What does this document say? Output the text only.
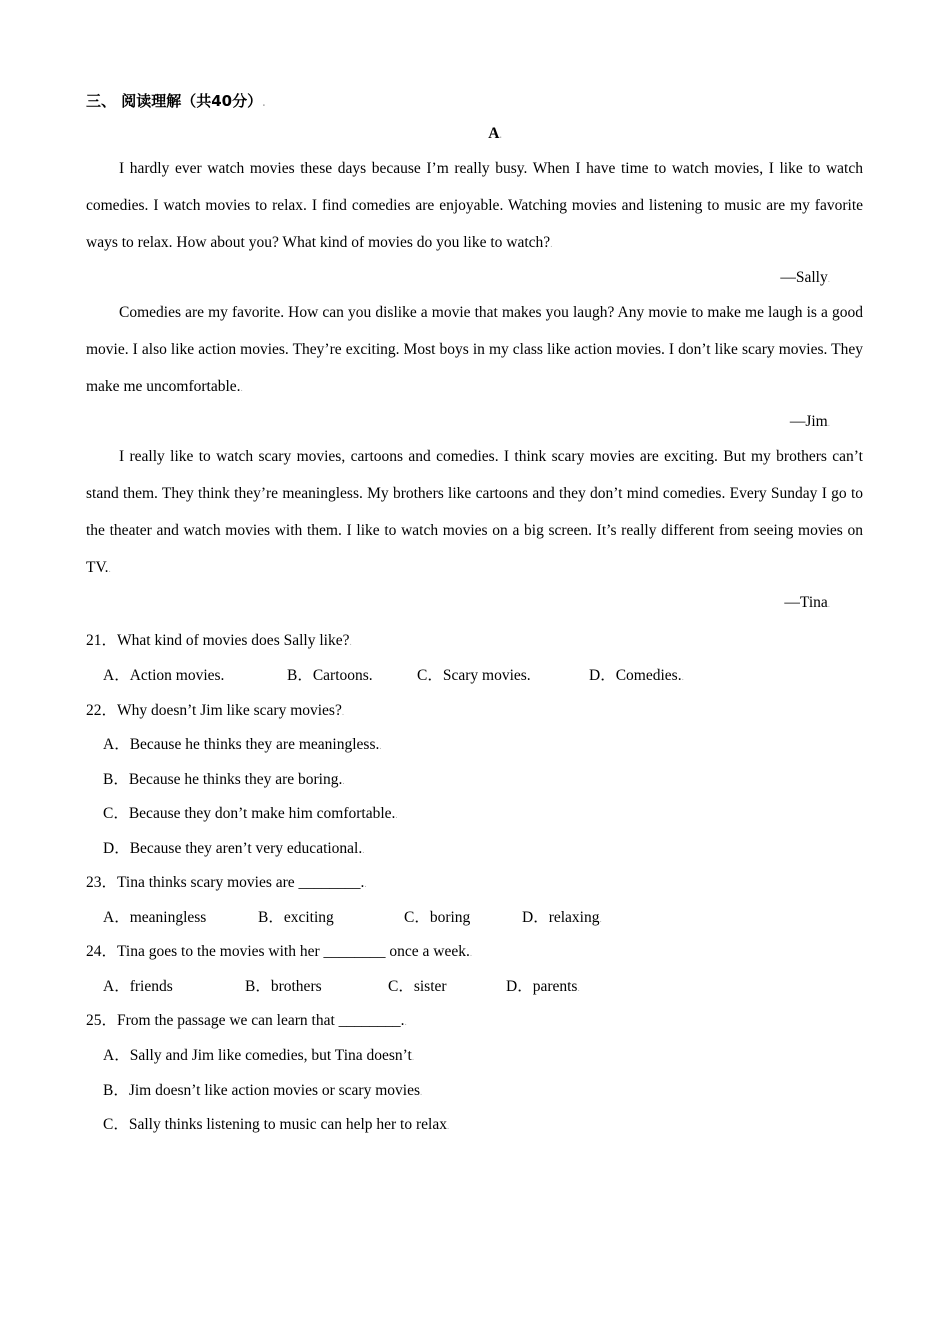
三、 阅读理解（共40分）.
A.

I hardly ever watch movies these days because I’m really busy. When I have time to watch movies, I like to watch comedies. I watch movies to relax. I find comedies are enjoyable. Watching movies and listening to music are my favorite ways to relax. How about you? What kind of movies do you like to watch?.

—Sally.

Comedies are my favorite. How can you dislike a movie that makes you laugh? Any movie to make me laugh is a good movie. I also like action movies. They’re exciting. Most boys in my class like action movies. I don’t like scary movies. They make me uncomfortable..

—Jim.

I really like to watch scary movies, cartoons and comedies. I think scary movies are exciting. But my brothers can’t stand them. They think they’re meaningless. My brothers like cartoons and they don’t mind comedies. Every Sunday I go to the theater and watch movies with them. I like to watch movies on a big screen. It’s really different from seeing movies on TV..

—Tina.
21．What kind of movies does Sally like?.
A．Action movies.	B．Cartoons.	C．Scary movies.	D．Comedies..
22．Why doesn’t Jim like scary movies?.
A．Because he thinks they are meaningless..
B．Because he thinks they are boring..
C．Because they don’t make him comfortable..
D．Because they aren’t very educational..
23．Tina thinks scary movies are ________..
A．meaningless	B．exciting	C．boring	D．relaxing.
24．Tina goes to the movies with her ________ once a week..
A．friends	B．brothers	C．sister	D．parents.
25．From the passage we can learn that ________..
A．Sally and Jim like comedies, but Tina doesn’t.
B．Jim doesn’t like action movies or scary movies.
C．Sally thinks listening to music can help her to relax.
